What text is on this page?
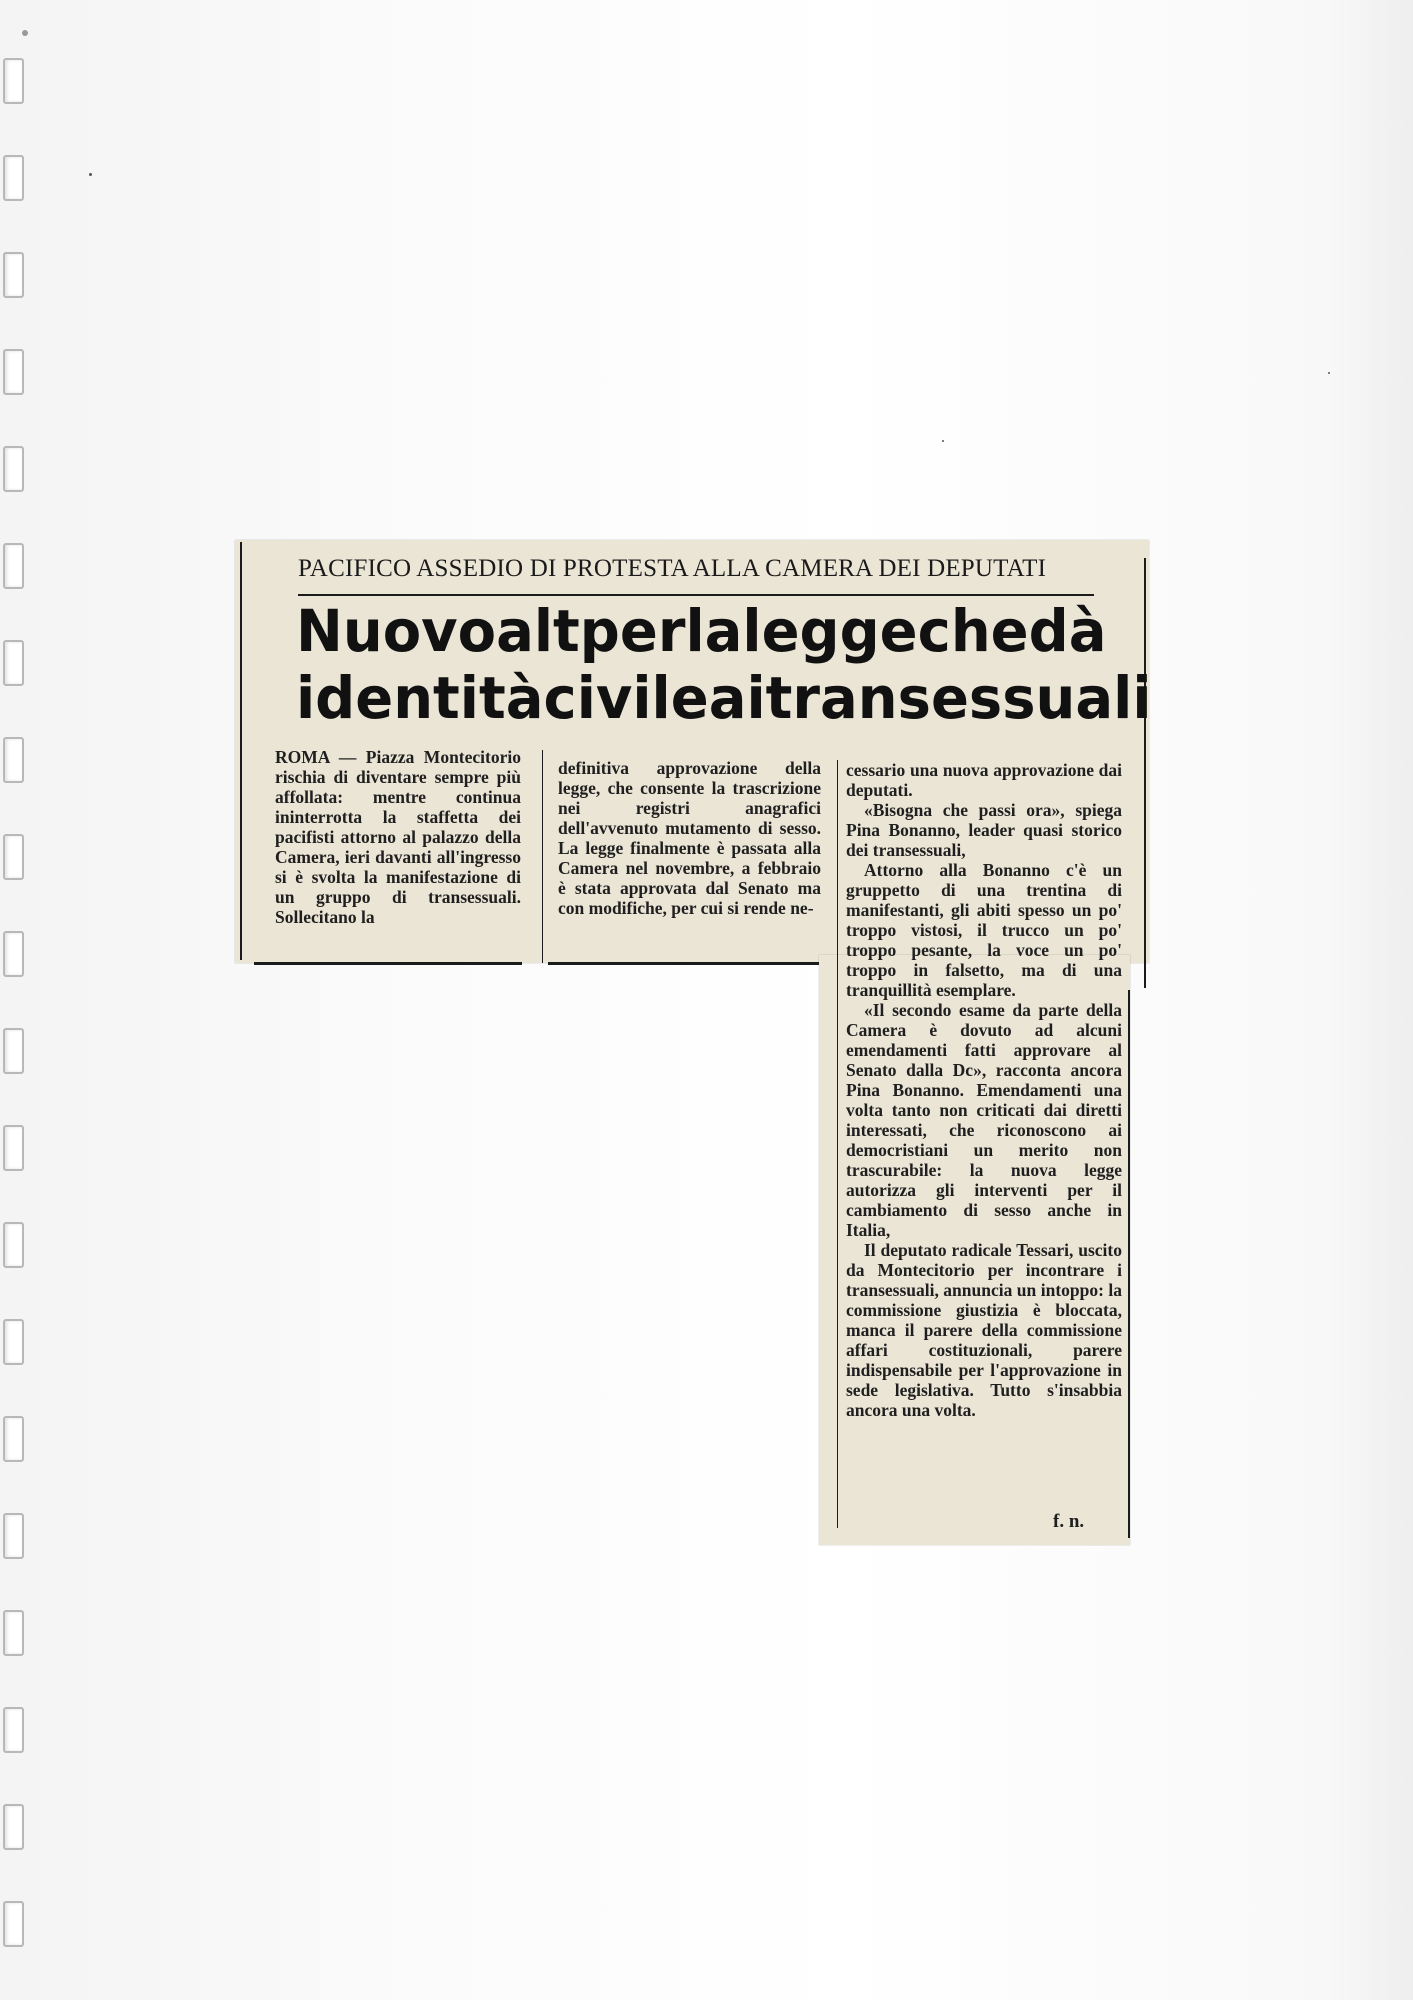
PACIFICO ASSEDIO DI PROTESTA ALLA CAMERA DEI DEPUTATI
Nuovo alt per la legge che dà
identità civile ai transessuali

ROMA — Piazza Montecitorio rischia di diventare sempre più affollata: mentre continua ininterrotta la staffetta dei pacifisti attorno al palazzo della Camera, ieri davanti all'ingresso si è svolta la manifestazione di un gruppo di transessuali. Sollecitano la

definitiva approvazione della legge, che consente la trascrizione nei registri anagrafici dell'avvenuto mutamento di sesso. La legge finalmente è passata alla Camera nel novembre, a febbraio è stata approvata dal Senato ma con modifiche, per cui si rende ne-

cessario una nuova approvazione dai deputati.

«Bisogna che passi ora», spiega Pina Bonanno, leader quasi storico dei transessuali,

Attorno alla Bonanno c'è un gruppetto di una trentina di manifestanti, gli abiti spesso un po' troppo vistosi, il trucco un po' troppo pesante, la voce un po' troppo in falsetto, ma di una tranquillità esemplare.

«Il secondo esame da parte della Camera è dovuto ad alcuni emendamenti fatti approvare al Senato dalla Dc», racconta ancora Pina Bonanno. Emendamenti una volta tanto non criticati dai diretti interessati, che riconoscono ai democristiani un merito non trascurabile: la nuova legge autorizza gli interventi per il cambiamento di sesso anche in Italia,

Il deputato radicale Tessari, uscito da Montecitorio per incontrare i transessuali, annuncia un intoppo: la commissione giustizia è bloccata, manca il parere della commissione affari costituzionali, parere indispensabile per l'approvazione in sede legislativa. Tutto s'insabbia ancora una volta.

f. n.
